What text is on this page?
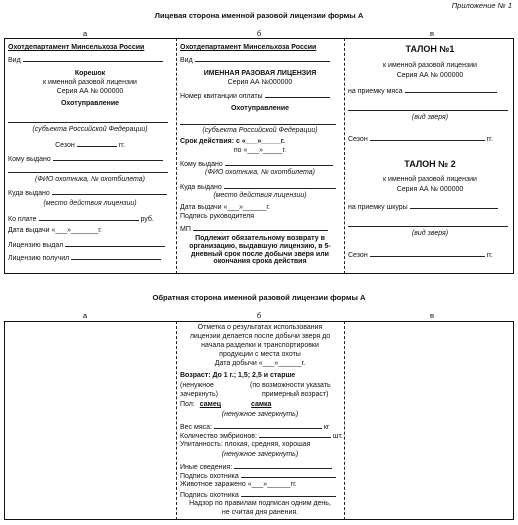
Приложение № 1
Лицевая сторона именной разовой лицензии формы А
а	б	в
Охотдепартамент Минсельхоза России
Вид
Корешок
к именной разовой лицензии
Серия АА № 000000
Охотуправление
(субъекта Российской Федерации)
Сезон	гг.
Кому выдано
(ФИО охотника, № охотбилета)
Куда выдано
(место действия лицензии)
Ко плате	руб.
Дата выдачи «___»_______г.
Лицензию выдал
Лицензию получил
Охотдепартамент Минсельхоза России
Вид
ИМЕННАЯ РАЗОВАЯ ЛИЦЕНЗИЯ
Серия АА №000000
Номер квитанции оплаты
Охотуправление
(субъекта Российской Федерации)
Срок действия: с «___»_____г.
по «___»_____г.
Кому выдано
(ФИО охотника, № охотбилета)
Куда выдано
(место действия лицензии)
Дата выдачи «___»______г.
Подпись руководителя
МП
Подлежит обязательному возврату в организацию, выдавшую лицензию, в 5-дневный срок после добычи зверя или окончания срока действия
ТАЛОН №1
к именной разовой лицензии
Серия АА № 000000
на приемку мяса
(вид зверя)
Сезон	гг.
ТАЛОН № 2
к именной разовой лицензии
Серия АА № 000000
на приемку шкуры
(вид зверя)
Сезон	гг.
Обратная сторона именной разовой лицензии формы А
а	б	в
Отметка о результатах использования
лицензии делается после добычи зверя до
начала разделки и транспортировки
продукции с места охоты
Дата добычи «___»______г.
Возраст: До 1 г.; 1,5; 2,5 и старше
(ненужное	(по возможности указать
зачеркнуть)	примерный возраст)
Пол: самец	самка
(ненужное зачеркнуть)
Вес мяса:	кг
Количество эмбрионов:	шт.
Упитанность: плохая, средняя, хорошая
(ненужное зачеркнуть)
Иные сведения:
Подпись охотника
Животное заражено «___»______гг.
Подпись охотника
Надзор по правилам подписан одним день,
не считая дня ранения.
